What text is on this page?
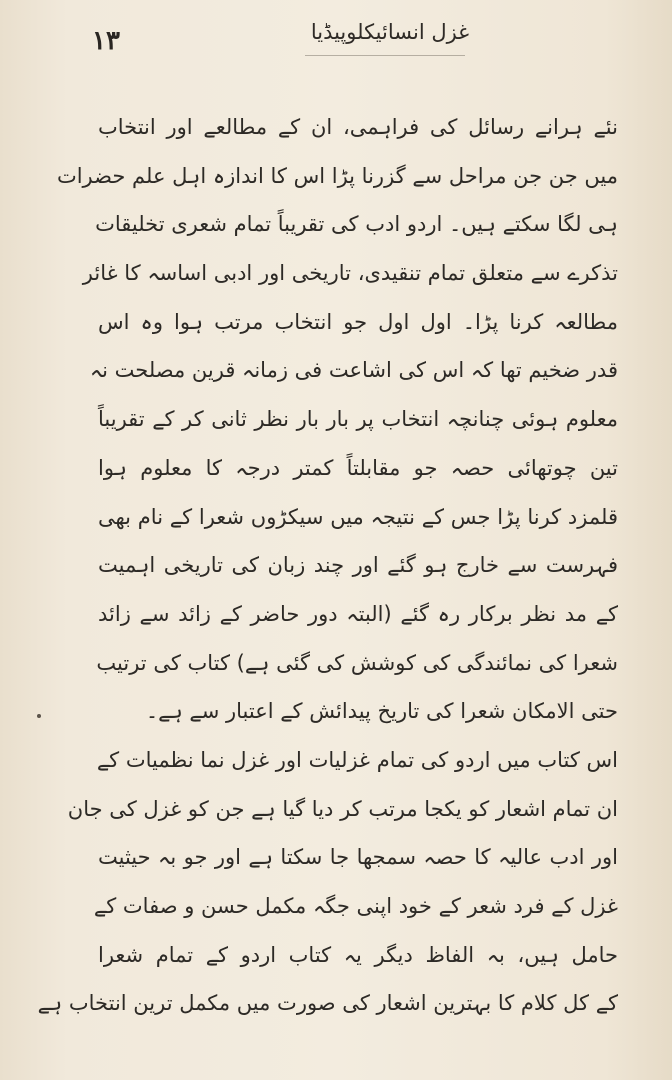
١٣	غزل انسائیکلوپیڈیا
نئے ہرانے رسائل کی فراہمی، ان کے مطالعے اور انتخاب
میں جن جن مراحل سے گزرنا پڑا اس کا اندازہ اہل علم حضرات
ہی لگا سکتے ہیں۔ اردو ادب کی تقریباً تمام شعری تخلیقات
تذکرے سے متعلق تمام تنقیدی، تاریخی اور ادبی اساسہ کا غائر
مطالعہ کرنا پڑا۔ اول اول جو انتخاب مرتب ہوا وہ اس
قدر ضخیم تھا کہ اس کی اشاعت فی زمانہ قرین مصلحت نہ
معلوم ہوئی چنانچہ انتخاب پر بار بار نظر ثانی کر کے تقریباً
تین چوتھائی حصہ جو مقابلتاً کمتر درجہ کا معلوم ہوا
قلمزد کرنا پڑا جس کے نتیجہ میں سیکڑوں شعرا کے نام بھی
فہرست سے خارج ہو گئے اور چند زبان کی تاریخی اہمیت
کے مد نظر برکار رہ گئے (البتہ دور حاضر کے زائد سے زائد
شعرا کی نمائندگی کی کوشش کی گئی ہے) کتاب کی ترتیب
حتی الامکان شعرا کی تاریخ پیدائش کے اعتبار سے ہے۔
اس کتاب میں اردو کی تمام غزلیات اور غزل نما نظمیات کے
ان تمام اشعار کو یکجا مرتب کر دیا گیا ہے جن کو غزل کی جان
اور ادب عالیہ کا حصہ سمجھا جا سکتا ہے اور جو بہ حیثیت
غزل کے فرد شعر کے خود اپنی جگہ مکمل حسن و صفات کے
حامل ہیں، بہ الفاظ دیگر یہ کتاب اردو کے تمام شعرا
کے کل کلام کا بہترین اشعار کی صورت میں مکمل ترین انتخاب ہے
